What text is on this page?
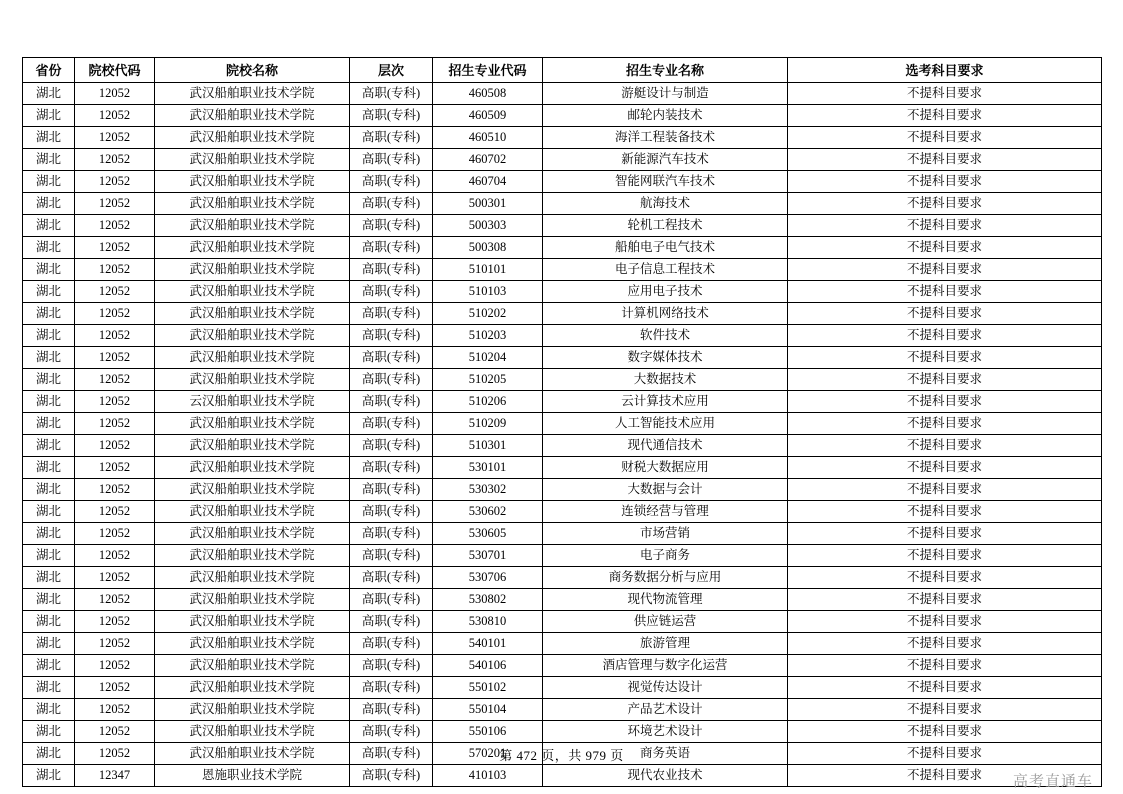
省份	院校代码	院校名称	层次	招生专业代码	招生专业名称	选考科目要求
湖北	12052	武汉船舶职业技术学院	高职(专科)	460508	游艇设计与制造	不提科目要求
湖北	12052	武汉船舶职业技术学院	高职(专科)	460509	邮轮内装技术	不提科目要求
湖北	12052	武汉船舶职业技术学院	高职(专科)	460510	海洋工程装备技术	不提科目要求
湖北	12052	武汉船舶职业技术学院	高职(专科)	460702	新能源汽车技术	不提科目要求
湖北	12052	武汉船舶职业技术学院	高职(专科)	460704	智能网联汽车技术	不提科目要求
湖北	12052	武汉船舶职业技术学院	高职(专科)	500301	航海技术	不提科目要求
湖北	12052	武汉船舶职业技术学院	高职(专科)	500303	轮机工程技术	不提科目要求
湖北	12052	武汉船舶职业技术学院	高职(专科)	500308	船舶电子电气技术	不提科目要求
湖北	12052	武汉船舶职业技术学院	高职(专科)	510101	电子信息工程技术	不提科目要求
湖北	12052	武汉船舶职业技术学院	高职(专科)	510103	应用电子技术	不提科目要求
湖北	12052	武汉船舶职业技术学院	高职(专科)	510202	计算机网络技术	不提科目要求
湖北	12052	武汉船舶职业技术学院	高职(专科)	510203	软件技术	不提科目要求
湖北	12052	武汉船舶职业技术学院	高职(专科)	510204	数字媒体技术	不提科目要求
湖北	12052	武汉船舶职业技术学院	高职(专科)	510205	大数据技术	不提科目要求
湖北	12052	云汉船舶职业技术学院	高职(专科)	510206	云计算技术应用	不提科目要求
湖北	12052	武汉船舶职业技术学院	高职(专科)	510209	人工智能技术应用	不提科目要求
湖北	12052	武汉船舶职业技术学院	高职(专科)	510301	现代通信技术	不提科目要求
湖北	12052	武汉船舶职业技术学院	高职(专科)	530101	财税大数据应用	不提科目要求
湖北	12052	武汉船舶职业技术学院	高职(专科)	530302	大数据与会计	不提科目要求
湖北	12052	武汉船舶职业技术学院	高职(专科)	530602	连锁经营与管理	不提科目要求
湖北	12052	武汉船舶职业技术学院	高职(专科)	530605	市场营销	不提科目要求
湖北	12052	武汉船舶职业技术学院	高职(专科)	530701	电子商务	不提科目要求
湖北	12052	武汉船舶职业技术学院	高职(专科)	530706	商务数据分析与应用	不提科目要求
湖北	12052	武汉船舶职业技术学院	高职(专科)	530802	现代物流管理	不提科目要求
湖北	12052	武汉船舶职业技术学院	高职(专科)	530810	供应链运营	不提科目要求
湖北	12052	武汉船舶职业技术学院	高职(专科)	540101	旅游管理	不提科目要求
湖北	12052	武汉船舶职业技术学院	高职(专科)	540106	酒店管理与数字化运营	不提科目要求
湖北	12052	武汉船舶职业技术学院	高职(专科)	550102	视觉传达设计	不提科目要求
湖北	12052	武汉船舶职业技术学院	高职(专科)	550104	产品艺术设计	不提科目要求
湖北	12052	武汉船舶职业技术学院	高职(专科)	550106	环境艺术设计	不提科目要求
湖北	12052	武汉船舶职业技术学院	高职(专科)	570201	商务英语	不提科目要求
湖北	12347	恩施职业技术学院	高职(专科)	410103	现代农业技术	不提科目要求
第 472 页，共 979 页
高考直通车
